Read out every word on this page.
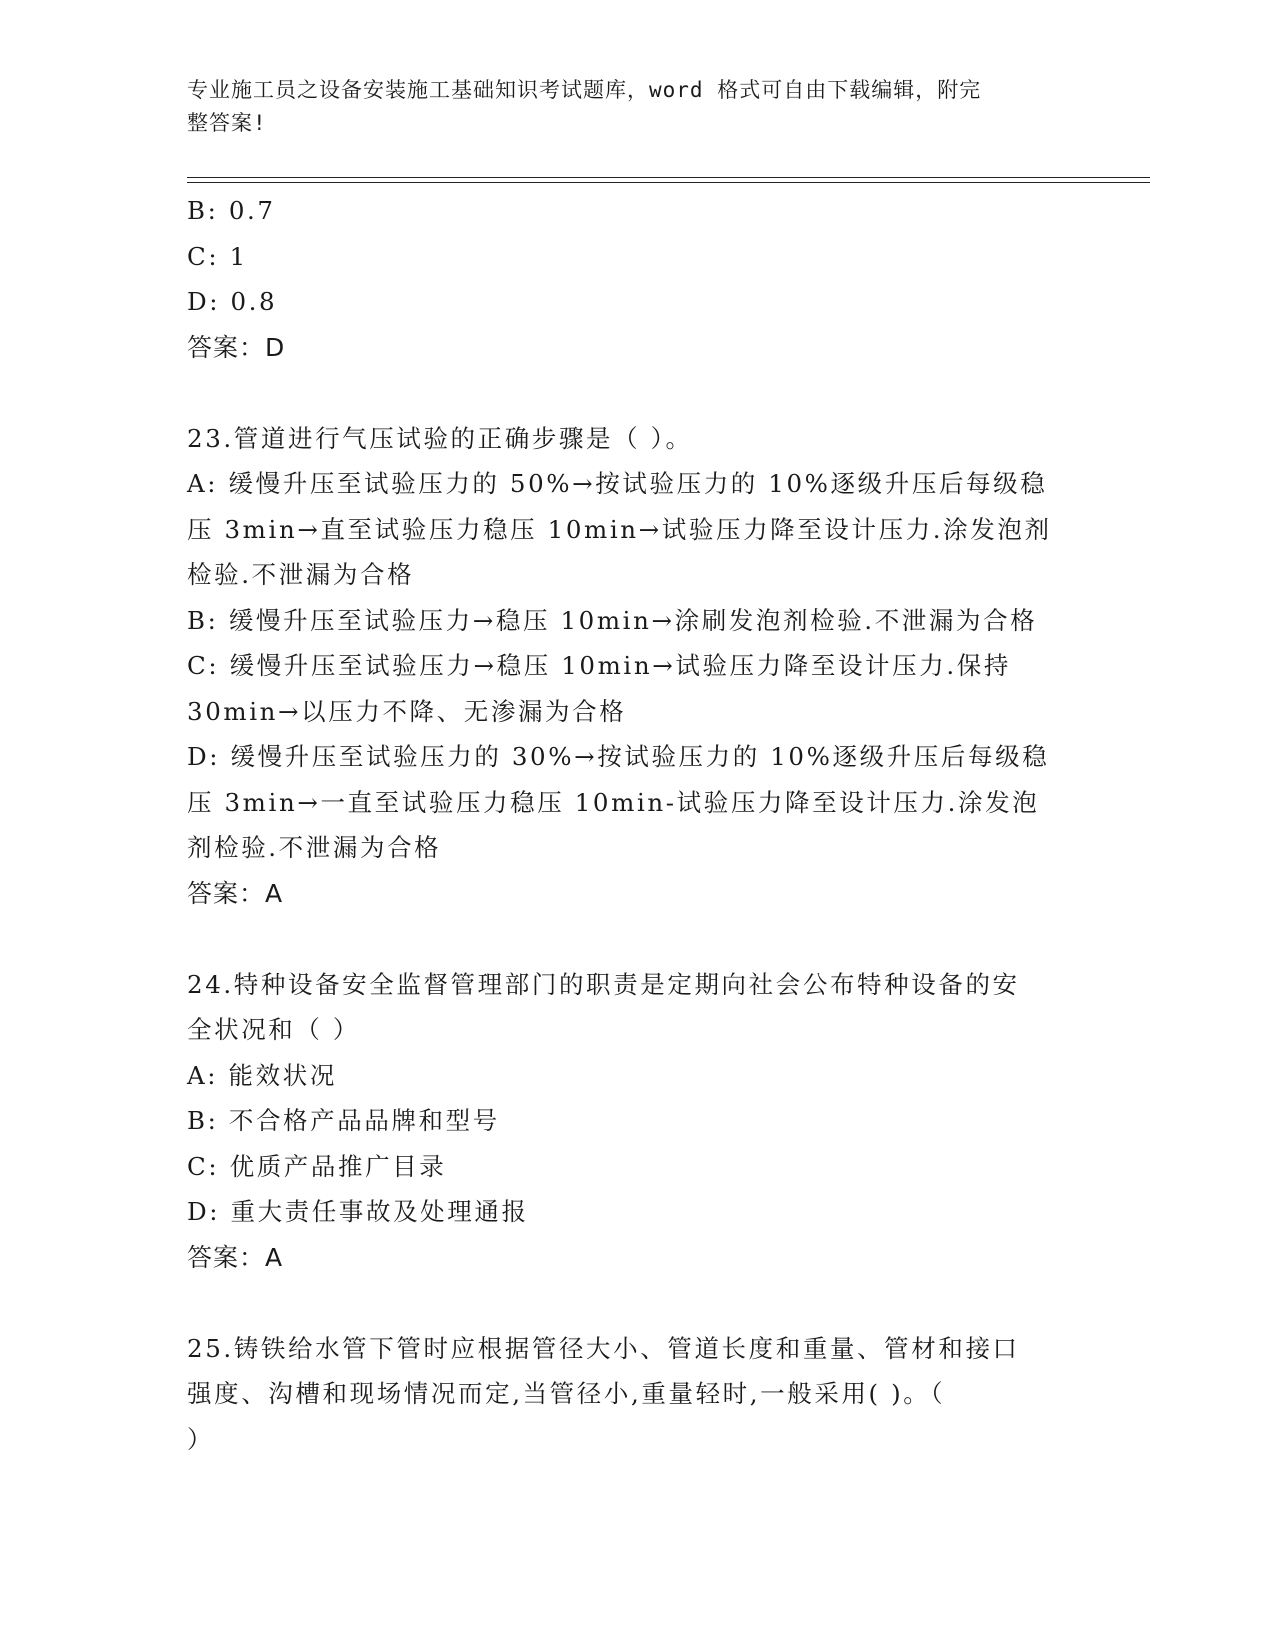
专业施工员之设备安装施工基础知识考试题库，word 格式可自由下载编辑，附完
整答案!
B: 0.7
C: 1
D: 0.8
答案：D
23.管道进行气压试验的正确步骤是（ ）。
A: 缓慢升压至试验压力的 50%→按试验压力的 10%逐级升压后每级稳
压 3min→直至试验压力稳压 10min→试验压力降至设计压力.涂发泡剂
检验.不泄漏为合格
B: 缓慢升压至试验压力→稳压 10min→涂刷发泡剂检验.不泄漏为合格
C: 缓慢升压至试验压力→稳压 10min→试验压力降至设计压力.保持
30min→以压力不降、无渗漏为合格
D: 缓慢升压至试验压力的 30%→按试验压力的 10%逐级升压后每级稳
压 3min→一直至试验压力稳压 10min-试验压力降至设计压力.涂发泡
剂检验.不泄漏为合格
答案：A
24.特种设备安全监督管理部门的职责是定期向社会公布特种设备的安
全状况和（ ）
A: 能效状况
B: 不合格产品品牌和型号
C: 优质产品推广目录
D: 重大责任事故及处理通报
答案：A
25.铸铁给水管下管时应根据管径大小、管道长度和重量、管材和接口
强度、沟槽和现场情况而定,当管径小,重量轻时,一般采用( )。（
）
